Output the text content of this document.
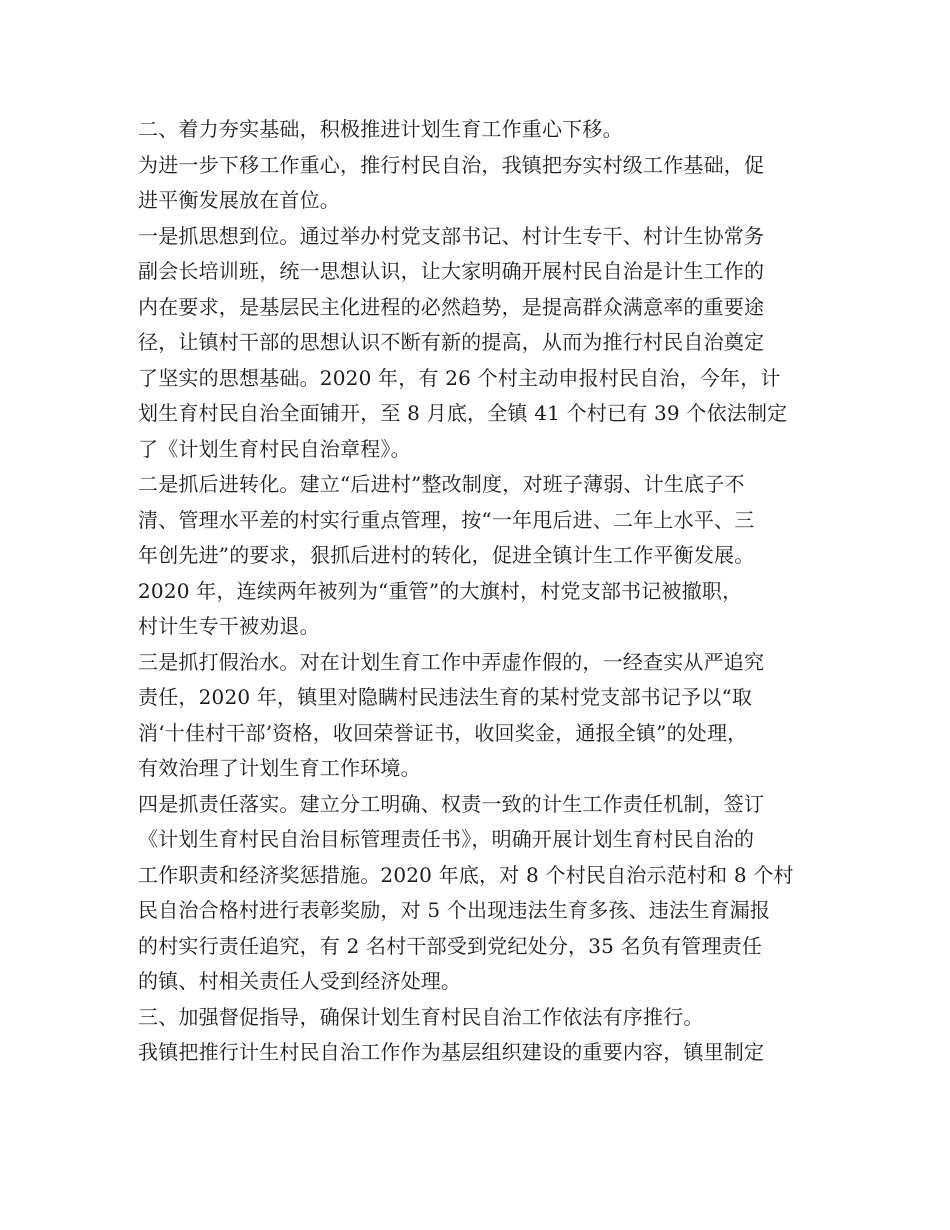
二、着力夯实基础，积极推进计划生育工作重心下移。
为进一步下移工作重心，推行村民自治，我镇把夯实村级工作基础，促
进平衡发展放在首位。
一是抓思想到位。通过举办村党支部书记、村计生专干、村计生协常务
副会长培训班，统一思想认识，让大家明确开展村民自治是计生工作的
内在要求，是基层民主化进程的必然趋势，是提高群众满意率的重要途
径，让镇村干部的思想认识不断有新的提高，从而为推行村民自治奠定
了坚实的思想基础。2020 年，有 26 个村主动申报村民自治，今年，计
划生育村民自治全面铺开，至 8 月底，全镇 41 个村已有 39 个依法制定
了《计划生育村民自治章程》。
二是抓后进转化。建立“后进村”整改制度，对班子薄弱、计生底子不
清、管理水平差的村实行重点管理，按“一年甩后进、二年上水平、三
年创先进”的要求，狠抓后进村的转化，促进全镇计生工作平衡发展。
2020 年，连续两年被列为“重管”的大旗村，村党支部书记被撤职，
村计生专干被劝退。
三是抓打假治水。对在计划生育工作中弄虚作假的，一经查实从严追究
责任，2020 年，镇里对隐瞒村民违法生育的某村党支部书记予以“取
消‘十佳村干部’资格，收回荣誉证书，收回奖金，通报全镇”的处理，
有效治理了计划生育工作环境。
四是抓责任落实。建立分工明确、权责一致的计生工作责任机制，签订
《计划生育村民自治目标管理责任书》，明确开展计划生育村民自治的
工作职责和经济奖惩措施。2020 年底，对 8 个村民自治示范村和 8 个村
民自治合格村进行表彰奖励，对 5 个出现违法生育多孩、违法生育漏报
的村实行责任追究，有 2 名村干部受到党纪处分，35 名负有管理责任
的镇、村相关责任人受到经济处理。
三、加强督促指导，确保计划生育村民自治工作依法有序推行。
我镇把推行计生村民自治工作作为基层组织建设的重要内容，镇里制定
